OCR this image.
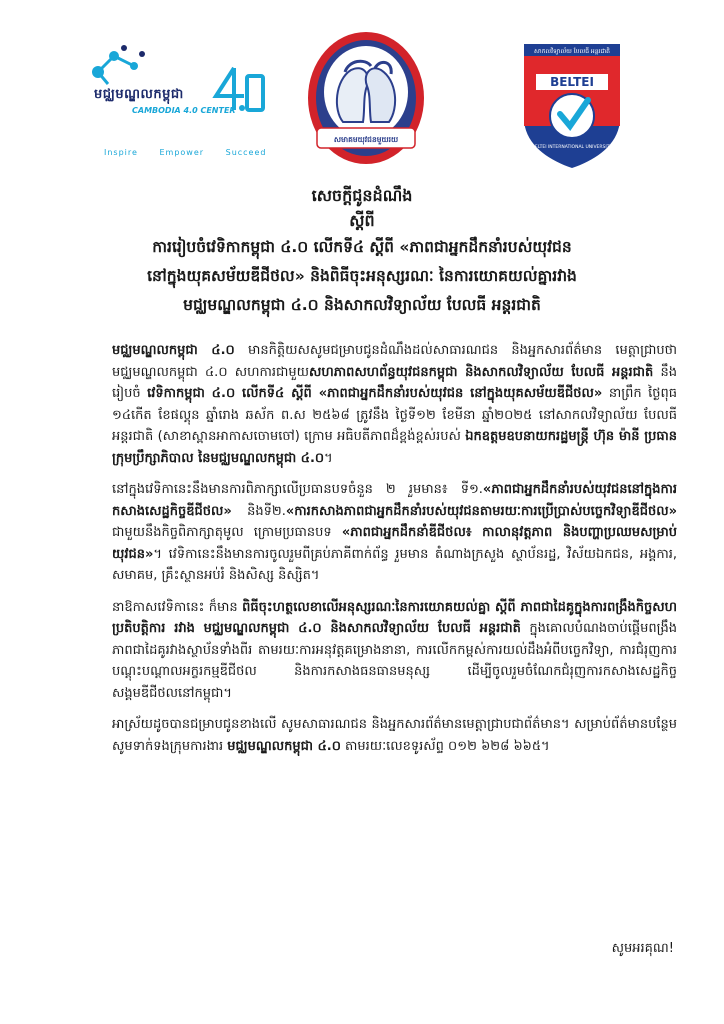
មជ្ឈមណ្ឌលកម្ពុជា
CAMBODIA 4.0 CENTER
Inspire	Empower	Succeed
សមាគមយុវជនមួយរយ
សាកលវិទ្យាល័យ បែលធី អន្តរជាតិ
BELTEI
BELTEI INTERNATIONAL UNIVERSITY
សេចក្តីជូនដំណឹង
ស្តីពី
ការរៀបចំវេទិកាកម្ពុជា ៤.០ លើកទី៤ ស្តីពី «ភាពជាអ្នកដឹកនាំរបស់យុវជន
នៅក្នុងយុគសម័យឌីជីថល» និងពិធីចុះអនុស្សរណៈ នៃការយោគយល់គ្នារវាង
មជ្ឈមណ្ឌលកម្ពុជា ៤.០ និងសាកលវិទ្យាល័យ បែលធី អន្តរជាតិ

មជ្ឈមណ្ឌលកម្ពុជា ៤.០ មានកិត្តិយសសូមជម្រាបជូនដំណឹងដល់សាធារណជន និងអ្នកសារព័ត៌មាន មេត្តាជ្រាបថា មជ្ឈមណ្ឌលកម្ពុជា ៤.០ សហការជាមួយសហភាពសហព័ន្ធយុវជនកម្ពុជា និងសាកលវិទ្យាល័យ បែលធី អន្តរជាតិ នឹងរៀបចំ វេទិកាកម្ពុជា ៤.០ លើកទី៤ ស្តីពី «ភាពជាអ្នកដឹកនាំរបស់យុវជន នៅក្នុងយុគសម័យឌីជីថល» នាព្រឹក ថ្ងៃពុធ ១៤កើត ខែផល្គុន ឆ្នាំរោង ឆស័ក ព.ស ២៥៦៨ ត្រូវនឹង ថ្ងៃទី១២ ខែមីនា ឆ្នាំ២០២៥ នៅសាកលវិទ្យាល័យ បែលធី អន្តរជាតិ (សាខាស្ពានអាកាសចោមចៅ) ក្រោម អធិបតីភាពដ៏ខ្ពង់ខ្ពស់របស់ ឯកឧត្តមឧបនាយករដ្ឋមន្ត្រី ហ៊ុន ម៉ានី ប្រធានក្រុមប្រឹក្សាភិបាល នៃមជ្ឈមណ្ឌលកម្ពុជា ៤.០។

នៅក្នុងវេទិកានេះនឹងមានការពិភាក្សាលើប្រធានបទចំនួន ២ រួមមាន៖ ទី១.«ភាពជាអ្នកដឹកនាំរបស់យុវជននៅក្នុងការកសាងសេដ្ឋកិច្ចឌីជីថល» និងទី២.«ការកសាងភាពជាអ្នកដឹកនាំរបស់យុវជនតាមរយៈការប្រើប្រាស់បច្ចេកវិទ្យាឌីជីថល» ជាមួយនឹងកិច្ចពិភាក្សាតុមូល ក្រោមប្រធានបទ «ភាពជាអ្នកដឹកនាំឌីជីថល៖ កាលានុវត្តភាព និងបញ្ហាប្រឈមសម្រាប់យុវជន»។ វេទិកានេះនឹងមានការចូលរួមពីគ្រប់ភាគីពាក់ព័ន្ធ រួមមាន តំណាងក្រសួង ស្ថាប័នរដ្ឋ, វិស័យឯកជន, អង្គការ, សមាគម, គ្រឹះស្ថានអប់រំ និងសិស្ស និស្សិត។

នាឱកាសវេទិកានេះ ក៏មាន ពិធីចុះហត្ថលេខាលើអនុស្សរណៈនៃការយោគយល់គ្នា ស្តីពី ភាពជាដៃគូក្នុងការពង្រឹងកិច្ចសហប្រតិបត្តិការ រវាង មជ្ឈមណ្ឌលកម្ពុជា ៤.០ និងសាកលវិទ្យាល័យ បែលធី អន្តរជាតិ ក្នុងគោលបំណងចាប់ផ្តើមពង្រឹងភាពជាដៃគូរវាងស្ថាប័នទាំងពីរ តាមរយៈការអនុវត្តគម្រោងនានា, ការលើកកម្ពស់ការយល់ដឹងអំពីបច្ចេកវិទ្យា, ការជំរុញការបណ្តុះបណ្តាលអក្ខរកម្មឌីជីថល និងការកសាងធនធានមនុស្ស ដើម្បីចូលរួមចំណែកជំរុញការកសាងសេដ្ឋកិច្ច សង្គមឌីជីថលនៅកម្ពុជា។

អាស្រ័យដូចបានជម្រាបជូនខាងលើ សូមសាធារណជន និងអ្នកសារព័ត៌មានមេត្តាជ្រាបជាព័ត៌មាន។ សម្រាប់ព័ត៌មានបន្ថែម សូមទាក់ទងក្រុមការងារ មជ្ឈមណ្ឌលកម្ពុជា ៤.០ តាមរយៈលេខទូរស័ព្ទ ០១២ ៦២៨ ៦៦៥។

សូមអរគុណ!
